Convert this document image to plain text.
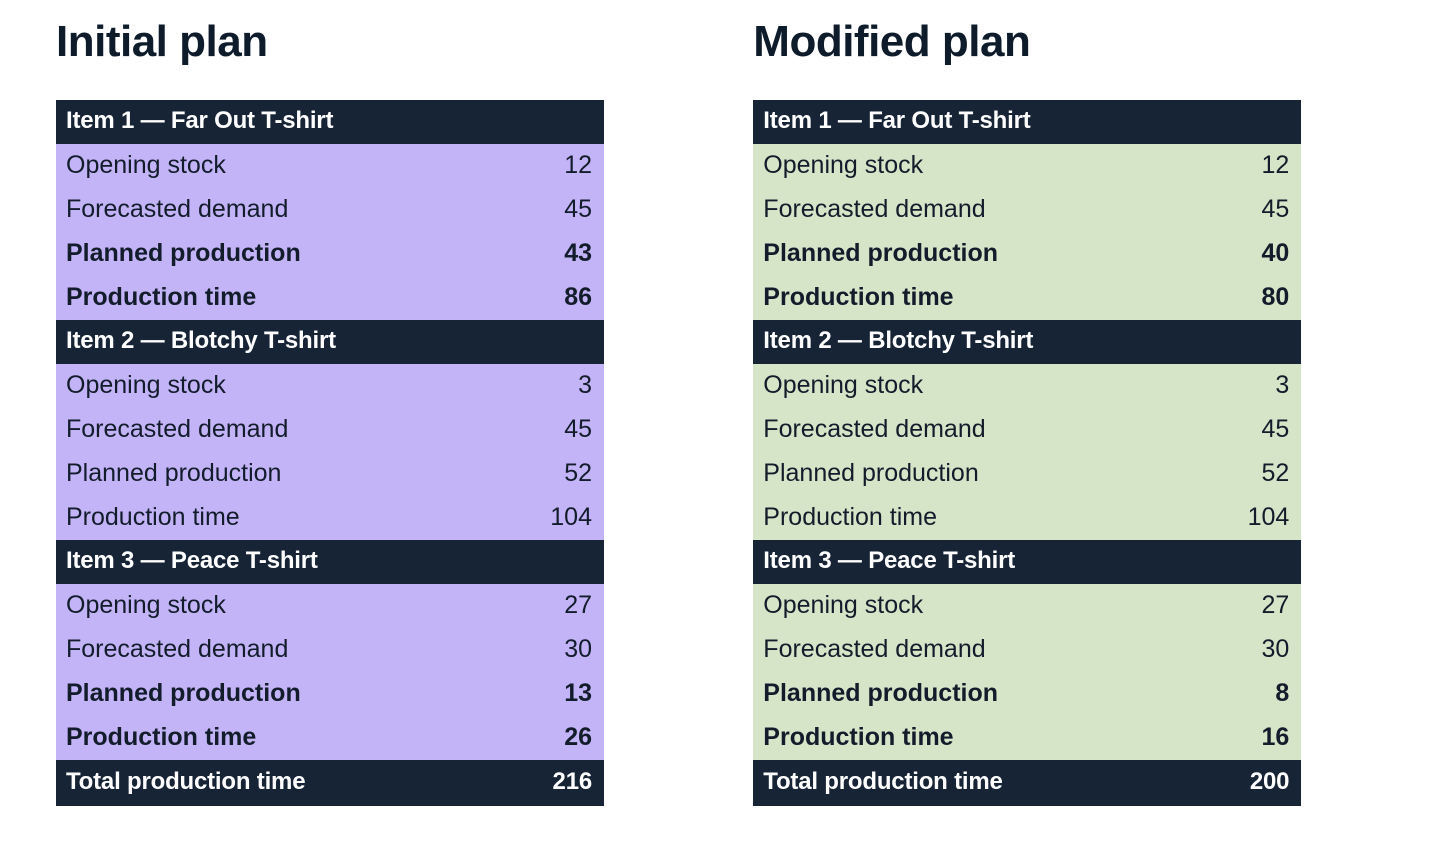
Initial plan
Item 1 — Far Out T-shirt
Opening stock	12
Forecasted demand	45
Planned production	43
Production time	86
Item 2 — Blotchy T-shirt
Opening stock	3
Forecasted demand	45
Planned production	52
Production time	104
Item 3 — Peace T-shirt
Opening stock	27
Forecasted demand	30
Planned production	13
Production time	26
Total production time	216
Modified plan
Item 1 — Far Out T-shirt
Opening stock	12
Forecasted demand	45
Planned production	40
Production time	80
Item 2 — Blotchy T-shirt
Opening stock	3
Forecasted demand	45
Planned production	52
Production time	104
Item 3 — Peace T-shirt
Opening stock	27
Forecasted demand	30
Planned production	8
Production time	16
Total production time	200
